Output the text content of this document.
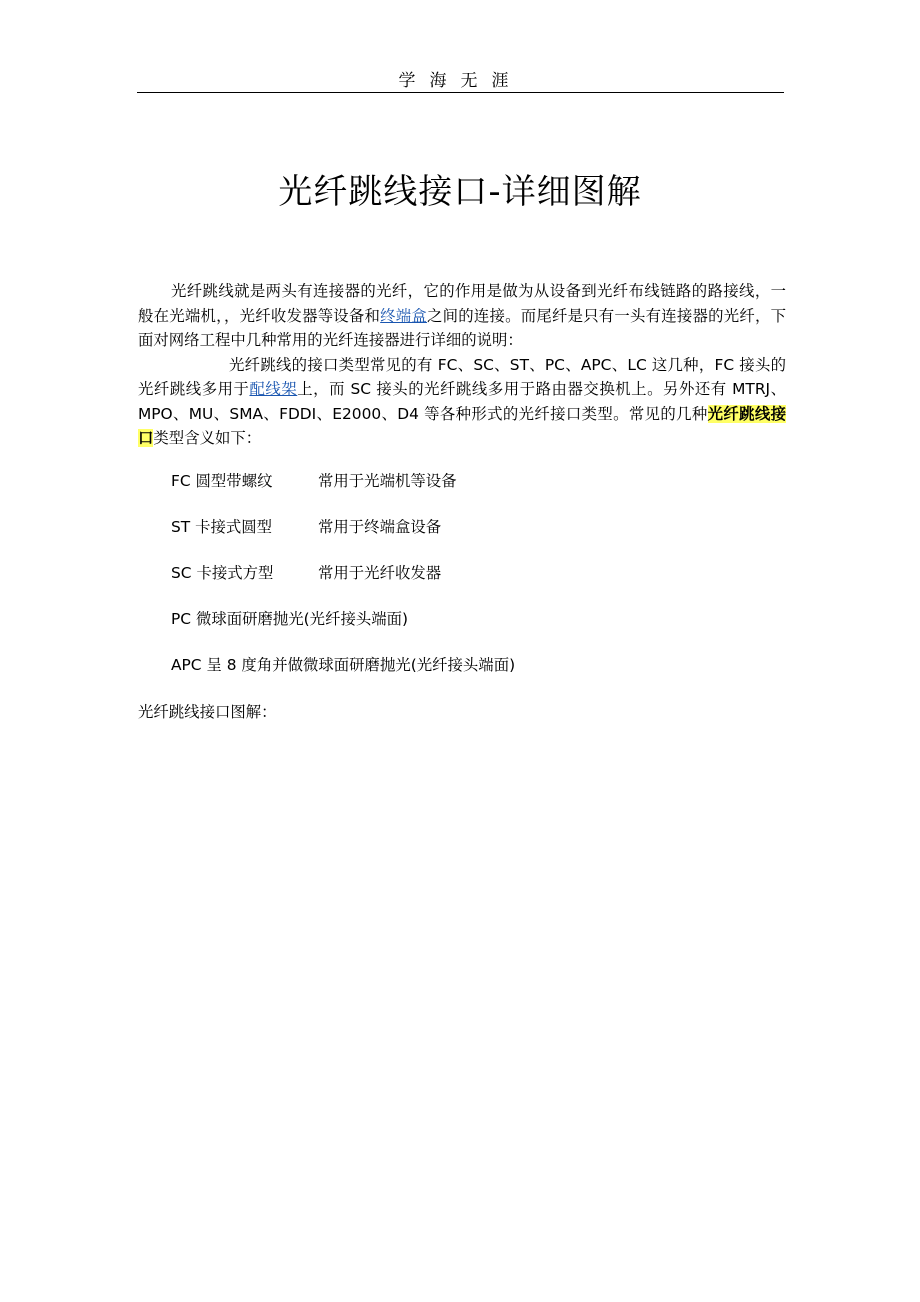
学海无涯
光纤跳线接口-详细图解

光纤跳线就是两头有连接器的光纤，它的作用是做为从设备到光纤布线链路的路接线，一般在光端机，，光纤收发器等设备和终端盒之间的连接。而尾纤是只有一头有连接器的光纤，下面对网络工程中几种常用的光纤连接器进行详细的说明：

光纤跳线的接口类型常见的有 FC、SC、ST、PC、APC、LC 这几种，FC 接头的光纤跳线多用于配线架上，而 SC 接头的光纤跳线多用于路由器交换机上。另外还有 MTRJ、MPO、MU、SMA、FDDI、E2000、D4 等各种形式的光纤接口类型。常见的几种光纤跳线接口类型含义如下：

FC 圆型带螺纹	常用于光端机等设备
ST 卡接式圆型	常用于终端盒设备
SC 卡接式方型	常用于光纤收发器
PC 微球面研磨抛光(光纤接头端面)
APC 呈 8 度角并做微球面研磨抛光(光纤接头端面)
光纤跳线接口图解：
